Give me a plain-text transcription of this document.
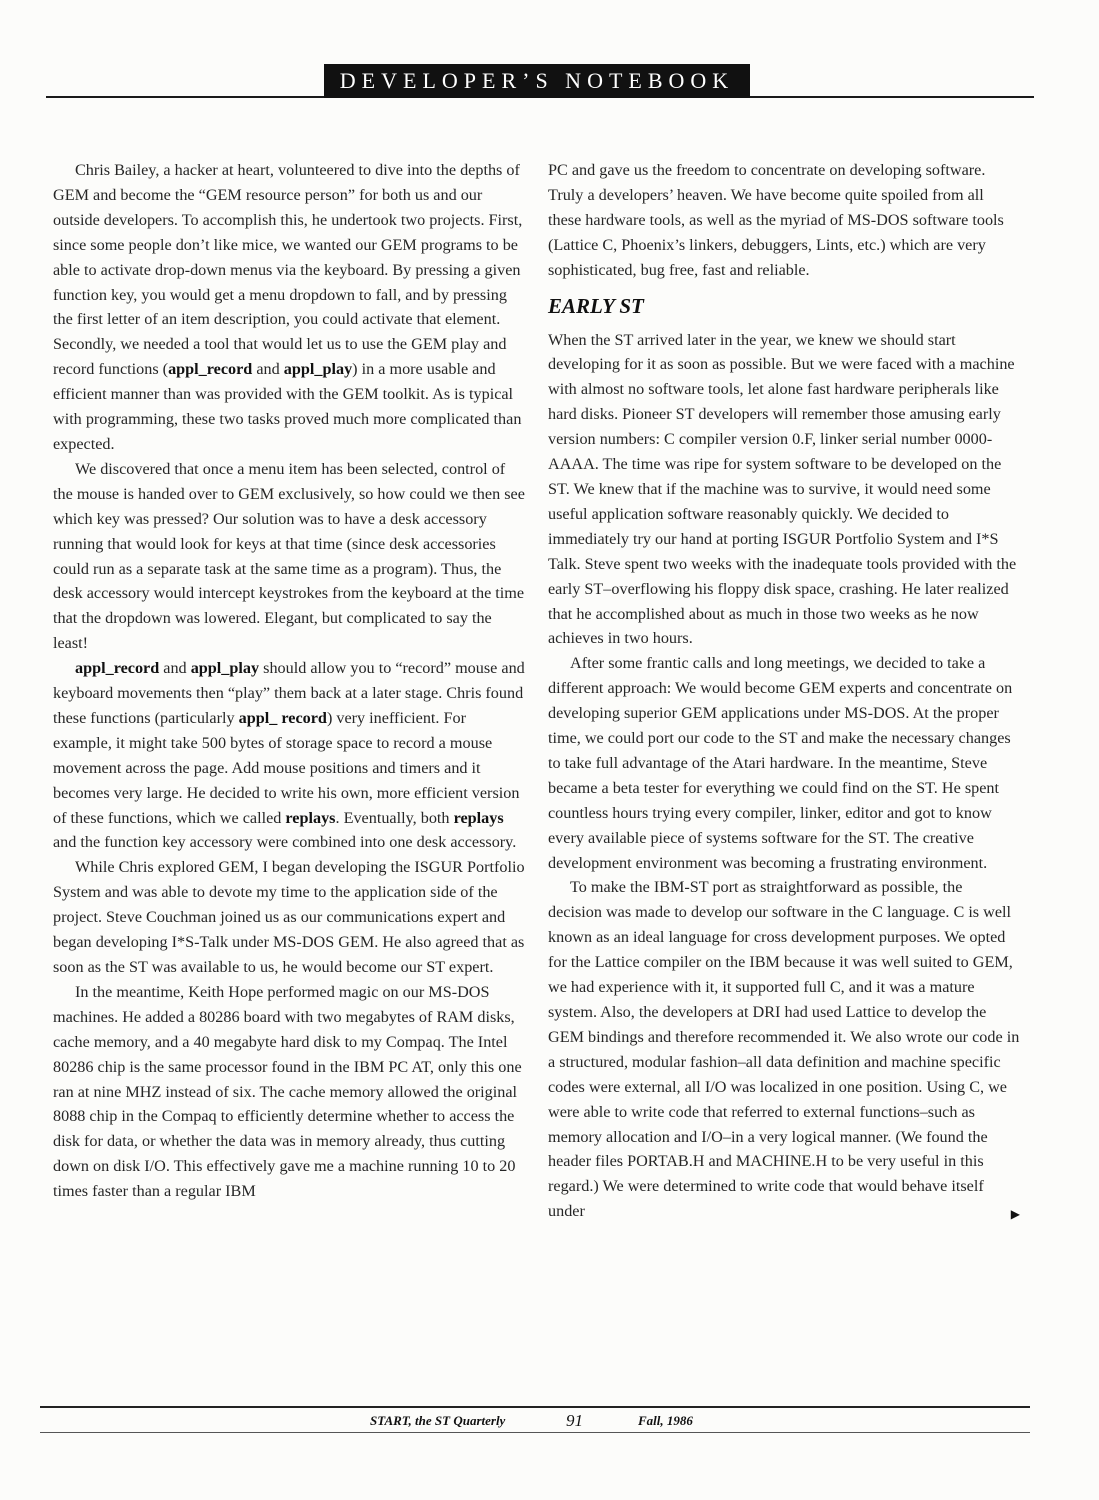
DEVELOPER’S NOTEBOOK

Chris Bailey, a hacker at heart, volunteered to dive into the depths of GEM and become the “GEM resource person” for both us and our outside developers. To accomplish this, he undertook two projects. First, since some people don’t like mice, we wanted our GEM programs to be able to activate drop-down menus via the keyboard. By pressing a given function key, you would get a menu dropdown to fall, and by pressing the first letter of an item description, you could activate that element. Secondly, we needed a tool that would let us to use the GEM play and record functions (appl_record and appl_play) in a more usable and efficient manner than was provided with the GEM toolkit. As is typical with programming, these two tasks proved much more complicated than expected.

We discovered that once a menu item has been selected, control of the mouse is handed over to GEM exclusively, so how could we then see which key was pressed? Our solution was to have a desk accessory running that would look for keys at that time (since desk accessories could run as a separate task at the same time as a program). Thus, the desk accessory would intercept keystrokes from the keyboard at the time that the dropdown was lowered. Elegant, but complicated to say the least!

appl_record and appl_play should allow you to “record” mouse and keyboard movements then “play” them back at a later stage. Chris found these functions (particularly appl_ record) very inefficient. For example, it might take 500 bytes of storage space to record a mouse movement across the page. Add mouse positions and timers and it becomes very large. He decided to write his own, more efficient version of these functions, which we called replays. Eventually, both replays and the function key accessory were combined into one desk accessory.

While Chris explored GEM, I began developing the ISGUR Portfolio System and was able to devote my time to the application side of the project. Steve Couchman joined us as our communications expert and began developing I*S-Talk under MS-DOS GEM. He also agreed that as soon as the ST was available to us, he would become our ST expert.

In the meantime, Keith Hope performed magic on our MS-DOS machines. He added a 80286 board with two megabytes of RAM disks, cache memory, and a 40 megabyte hard disk to my Compaq. The Intel 80286 chip is the same processor found in the IBM PC AT, only this one ran at nine MHZ instead of six. The cache memory allowed the original 8088 chip in the Compaq to efficiently determine whether to access the disk for data, or whether the data was in memory already, thus cutting down on disk I/O. This effectively gave me a machine running 10 to 20 times faster than a regular IBM

PC and gave us the freedom to concentrate on developing software. Truly a developers’ heaven. We have become quite spoiled from all these hardware tools, as well as the myriad of MS-DOS software tools (Lattice C, Phoenix’s linkers, debuggers, Lints, etc.) which are very sophisticated, bug free, fast and reliable.

EARLY ST

When the ST arrived later in the year, we knew we should start developing for it as soon as possible. But we were faced with a machine with almost no software tools, let alone fast hardware peripherals like hard disks. Pioneer ST developers will remember those amusing early version numbers: C compiler version 0.F, linker serial number 0000-AAAA. The time was ripe for system software to be developed on the ST. We knew that if the machine was to survive, it would need some useful application software reasonably quickly. We decided to immediately try our hand at porting ISGUR Portfolio System and I*S Talk. Steve spent two weeks with the inadequate tools provided with the early ST–overflowing his floppy disk space, crashing. He later realized that he accomplished about as much in those two weeks as he now achieves in two hours.

After some frantic calls and long meetings, we decided to take a different approach: We would become GEM experts and concentrate on developing superior GEM applications under MS-DOS. At the proper time, we could port our code to the ST and make the necessary changes to take full advantage of the Atari hardware. In the meantime, Steve became a beta tester for everything we could find on the ST. He spent countless hours trying every compiler, linker, editor and got to know every available piece of systems software for the ST. The creative development environment was becoming a frustrating environment.

To make the IBM-ST port as straightforward as possible, the decision was made to develop our software in the C language. C is well known as an ideal language for cross development purposes. We opted for the Lattice compiler on the IBM because it was well suited to GEM, we had experience with it, it supported full C, and it was a mature system. Also, the developers at DRI had used Lattice to develop the GEM bindings and therefore recommended it. We also wrote our code in a structured, modular fashion–all data definition and machine specific codes were external, all I/O was localized in one position. Using C, we were able to write code that referred to external functions–such as memory allocation and I/O–in a very logical manner. (We found the header files PORTAB.H and MACHINE.H to be very useful in this regard.) We were determined to write code that would behave itself under	▶

START, the ST Quarterly	91	Fall, 1986
